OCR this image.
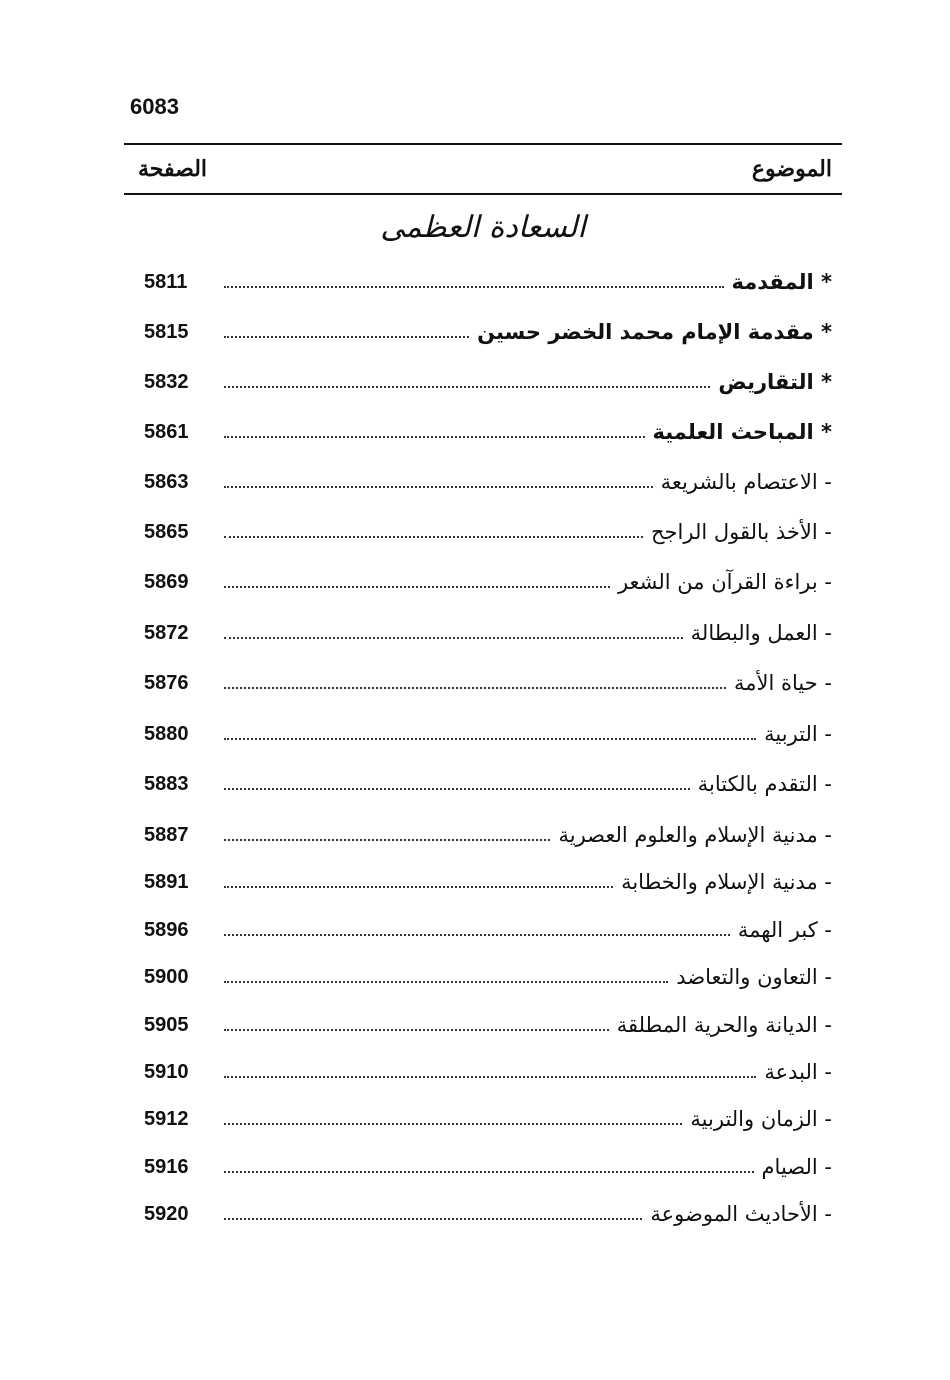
6083
الموضوع
الصفحة
السعادة العظمى
* المقدمة
5811
* مقدمة الإمام محمد الخضر حسين
5815
* التقاريض
5832
* المباحث العلمية
5861
- الاعتصام بالشريعة
5863
- الأخذ بالقول الراجح
5865
- براءة القرآن من الشعر
5869
- العمل والبطالة
5872
- حياة الأمة
5876
- التربية
5880
- التقدم بالكتابة
5883
- مدنية الإسلام والعلوم العصرية
5887
- مدنية الإسلام والخطابة
5891
- كبر الهمة
5896
- التعاون والتعاضد
5900
- الديانة والحرية المطلقة
5905
- البدعة
5910
- الزمان والتربية
5912
- الصيام
5916
- الأحاديث الموضوعة
5920
